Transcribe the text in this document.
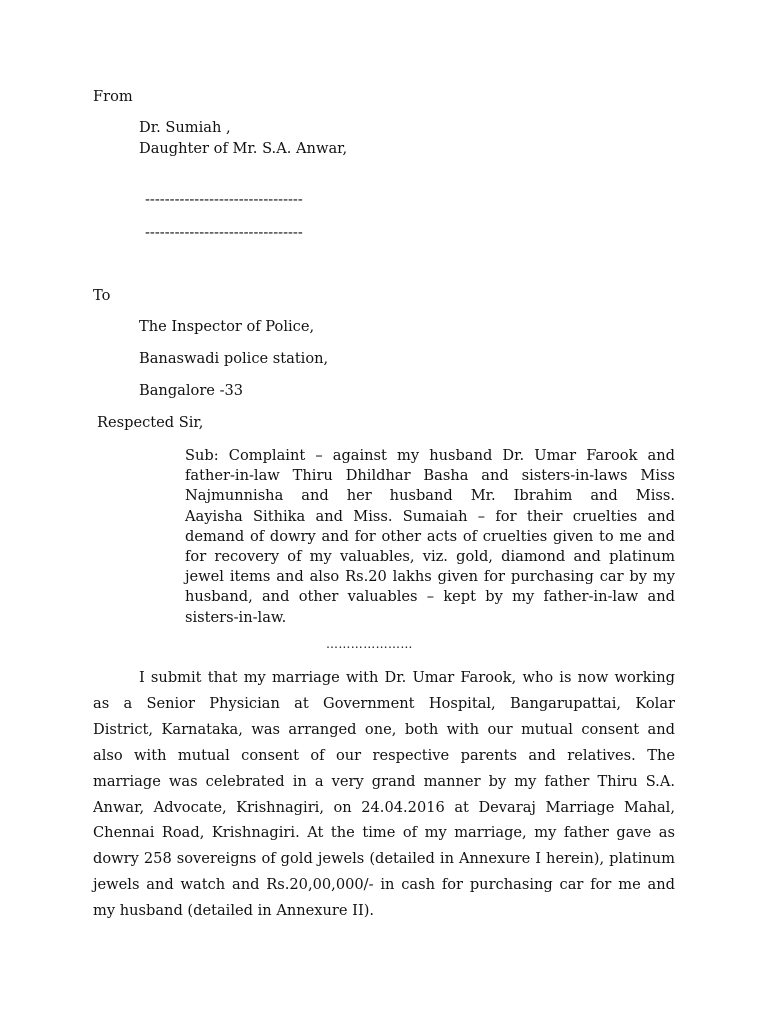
From
Dr. Sumiah ,
Daughter of Mr. S.A. Anwar,
--------------------------------
--------------------------------
To
The Inspector of Police,
Banaswadi police station,
Bangalore -33
Respected Sir,
Sub: Complaint – against my husband Dr. Umar Farook and
father-in-law Thiru Dhildhar Basha and sisters-in-laws Miss
Najmunnisha and her husband Mr. Ibrahim and Miss.
Aayisha Sithika and Miss. Sumaiah – for their cruelties and
demand of dowry and for other acts of cruelties given to me and
for recovery of my valuables, viz. gold, diamond and platinum
jewel items and also Rs.20 lakhs given for purchasing car by my
husband, and other valuables – kept by my father-in-law and
sisters-in-law.
…………………
I submit that my marriage with Dr. Umar Farook, who is now working
as a Senior Physician at Government Hospital, Bangarupattai, Kolar
District, Karnataka, was arranged one, both with our mutual consent and
also with mutual consent of our respective parents and relatives. The
marriage was celebrated in a very grand manner by my father Thiru S.A.
Anwar, Advocate, Krishnagiri, on 24.04.2016 at Devaraj Marriage Mahal,
Chennai Road, Krishnagiri. At the time of my marriage, my father gave as
dowry 258 sovereigns of gold jewels (detailed in Annexure I herein), platinum
jewels and watch and Rs.20,00,000/- in cash for purchasing car for me and
my husband (detailed in Annexure II).
